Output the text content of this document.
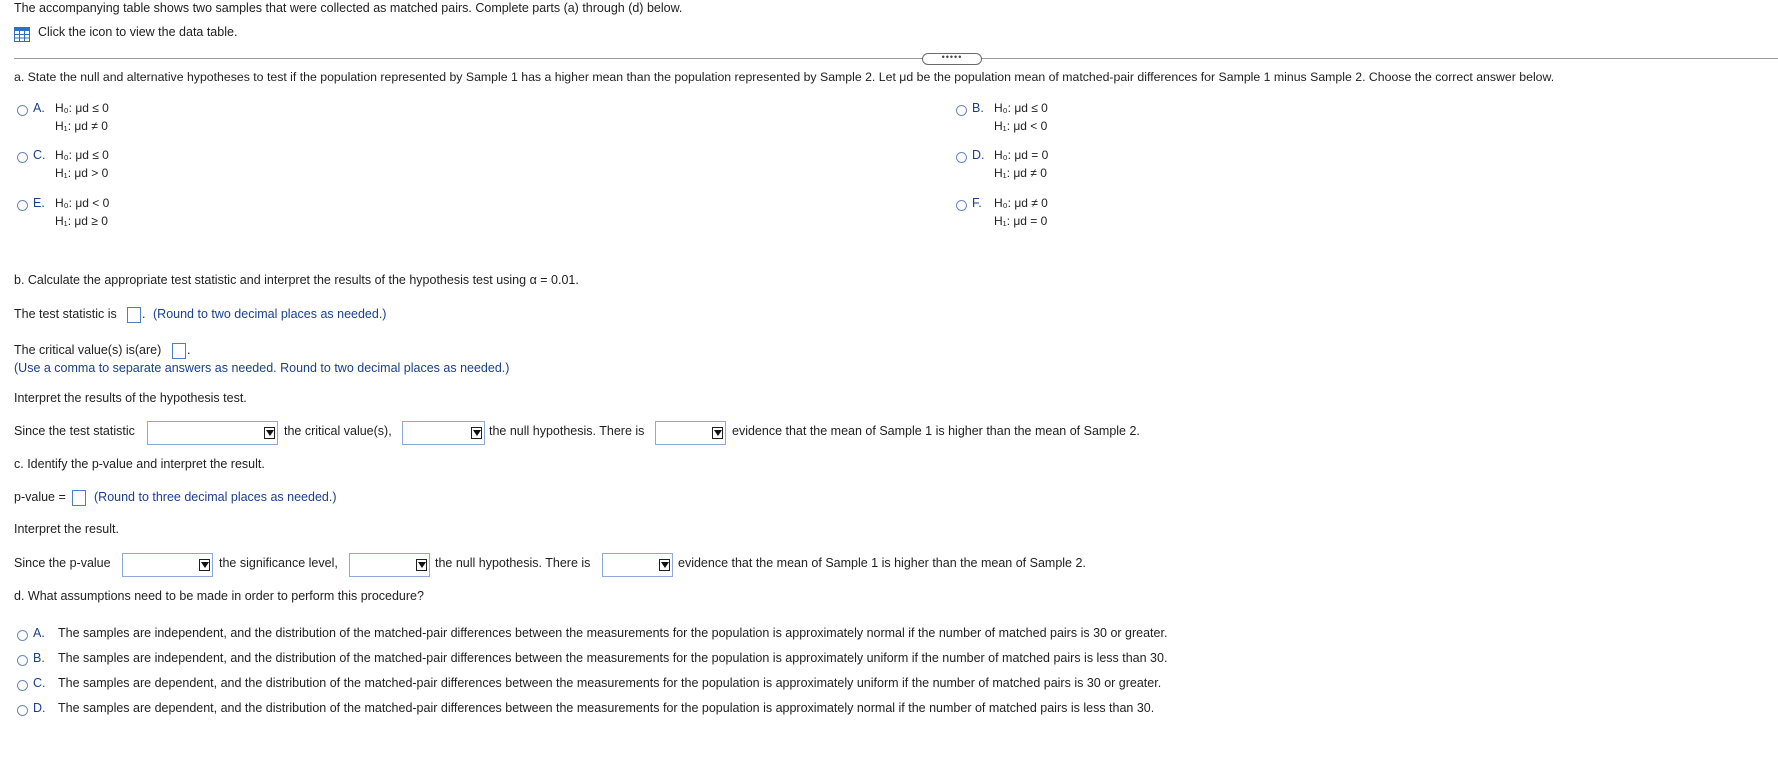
The accompanying table shows two samples that were collected as matched pairs. Complete parts (a) through (d) below.
Click the icon to view the data table.
•••••
a. State the null and alternative hypotheses to test if the population represented by Sample 1 has a higher mean than the population represented by Sample 2. Let μd be the population mean of matched-pair differences for Sample 1 minus Sample 2. Choose the correct answer below.
A. H₀: μd ≤ 0
H₁: μd ≠ 0
B. H₀: μd ≤ 0
H₁: μd < 0
C. H₀: μd ≤ 0
H₁: μd > 0
D. H₀: μd = 0
H₁: μd ≠ 0
E. H₀: μd < 0
H₁: μd ≥ 0
F. H₀: μd ≠ 0
H₁: μd = 0
b. Calculate the appropriate test statistic and interpret the results of the hypothesis test using α = 0.01.
The test statistic is . (Round to two decimal places as needed.)
The critical value(s) is(are) .
(Use a comma to separate answers as needed. Round to two decimal places as needed.)
Interpret the results of the hypothesis test.
Since the test statistic	the critical value(s),	the null hypothesis. There is	evidence that the mean of Sample 1 is higher than the mean of Sample 2.
c. Identify the p-value and interpret the result.
p-value = (Round to three decimal places as needed.)
Interpret the result.
Since the p-value	the significance level,	the null hypothesis. There is	evidence that the mean of Sample 1 is higher than the mean of Sample 2.
d. What assumptions need to be made in order to perform this procedure?
A. The samples are independent, and the distribution of the matched-pair differences between the measurements for the population is approximately normal if the number of matched pairs is 30 or greater.
B. The samples are independent, and the distribution of the matched-pair differences between the measurements for the population is approximately uniform if the number of matched pairs is less than 30.
C. The samples are dependent, and the distribution of the matched-pair differences between the measurements for the population is approximately uniform if the number of matched pairs is 30 or greater.
D. The samples are dependent, and the distribution of the matched-pair differences between the measurements for the population is approximately normal if the number of matched pairs is less than 30.
